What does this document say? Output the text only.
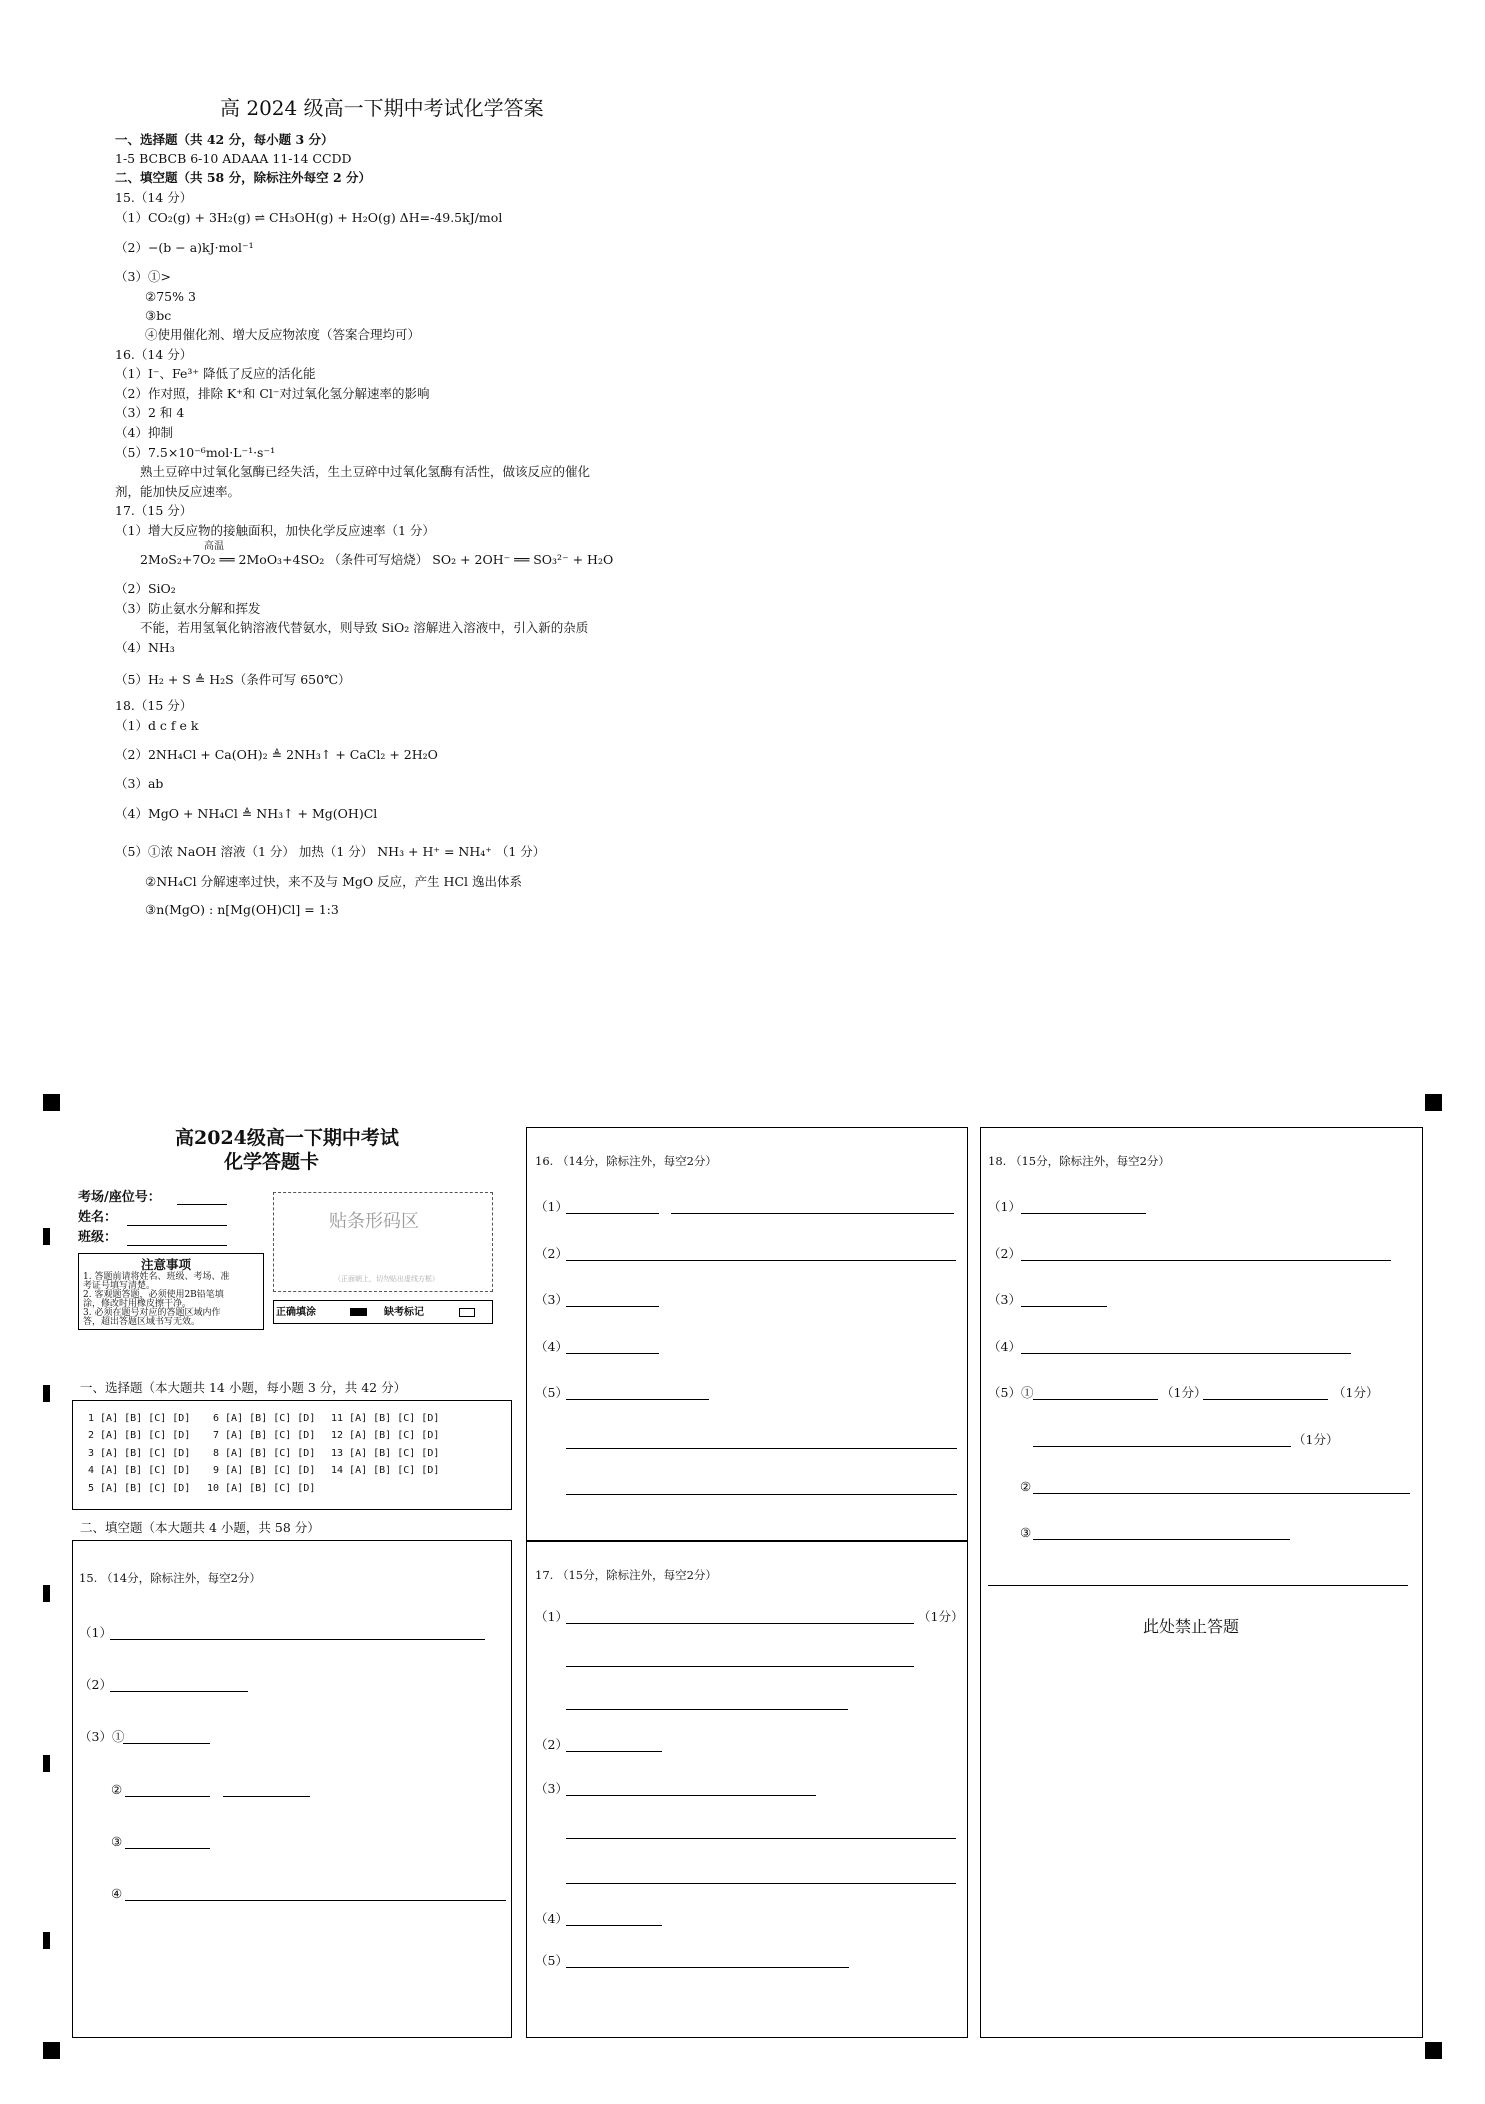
高 2024 级高一下期中考试化学答案
一、选择题（共 42 分，每小题 3 分）
1-5 BCBCB 6-10 ADAAA 11-14 CCDD
二、填空题（共 58 分，除标注外每空 2 分）
15.（14 分）
（1）CO₂(g) + 3H₂(g) ⇌ CH₃OH(g) + H₂O(g) ΔH=-49.5kJ/mol
（2）−(b − a)kJ·mol⁻¹
（3）①>
②75% 3
③bc
④使用催化剂、增大反应物浓度（答案合理均可）
16.（14 分）
（1）I⁻、Fe³⁺ 降低了反应的活化能
（2）作对照，排除 K⁺和 Cl⁻对过氧化氢分解速率的影响
（3）2 和 4
（4）抑制
（5）7.5×10⁻⁶mol·L⁻¹·s⁻¹
熟土豆碎中过氧化氢酶已经失活，生土豆碎中过氧化氢酶有活性，做该反应的催化
剂，能加快反应速率。
17.（15 分）
（1）增大反应物的接触面积，加快化学反应速率（1 分）
高温
2MoS₂+7O₂ ══ 2MoO₃+4SO₂ （条件可写焙烧） SO₂ + 2OH⁻ ══ SO₃²⁻ + H₂O
（2）SiO₂
（3）防止氨水分解和挥发
不能，若用氢氧化钠溶液代替氨水，则导致 SiO₂ 溶解进入溶液中，引入新的杂质
（4）NH₃
（5）H₂ + S ≜ H₂S（条件可写 650℃）
18.（15 分）
（1）d c f e k
（2）2NH₄Cl + Ca(OH)₂ ≜ 2NH₃↑ + CaCl₂ + 2H₂O
（3）ab
（4）MgO + NH₄Cl ≜ NH₃↑ + Mg(OH)Cl
（5）①浓 NaOH 溶液（1 分） 加热（1 分） NH₃ + H⁺ = NH₄⁺ （1 分）
②NH₄Cl 分解速率过快，来不及与 MgO 反应，产生 HCl 逸出体系
③n(MgO) : n[Mg(OH)Cl] = 1:3
高2024级高一下期中考试
化学答题卡
考场/座位号：
姓名：
班级：
贴条形码区
（正面朝上，切勿贴出虚线方框）
注意事项
1. 答题前请将姓名、班级、考场、准
考证号填写清楚。
2. 客观题答题，必须使用2B铅笔填
涂，修改时用橡皮擦干净。
3. 必须在题号对应的答题区域内作
答，超出答题区域书写无效。
正确填涂	缺考标记
一、选择题（本大题共 14 小题，每小题 3 分，共 42 分）
1 [A] [B] [C] [D]
2 [A] [B] [C] [D]
3 [A] [B] [C] [D]
4 [A] [B] [C] [D]
5 [A] [B] [C] [D]
6 [A] [B] [C] [D]
7 [A] [B] [C] [D]
8 [A] [B] [C] [D]
9 [A] [B] [C] [D]
10 [A] [B] [C] [D]
11 [A] [B] [C] [D]
12 [A] [B] [C] [D]
13 [A] [B] [C] [D]
14 [A] [B] [C] [D]
二、填空题（本大题共 4 小题，共 58 分）
15. （14分，除标注外，每空2分）
（1）
（2）
（3）①
②
③
④
16. （14分，除标注外，每空2分）
（1）
（2）
（3）
（4）
（5）
17. （15分，除标注外，每空2分）
（1）	（1分）
（2）
（3）
（4）
（5）
18. （15分，除标注外，每空2分）
（1）
（2）
（3）
（4）
（5）①	（1分）	（1分）
（1分）
②
③
此处禁止答题
